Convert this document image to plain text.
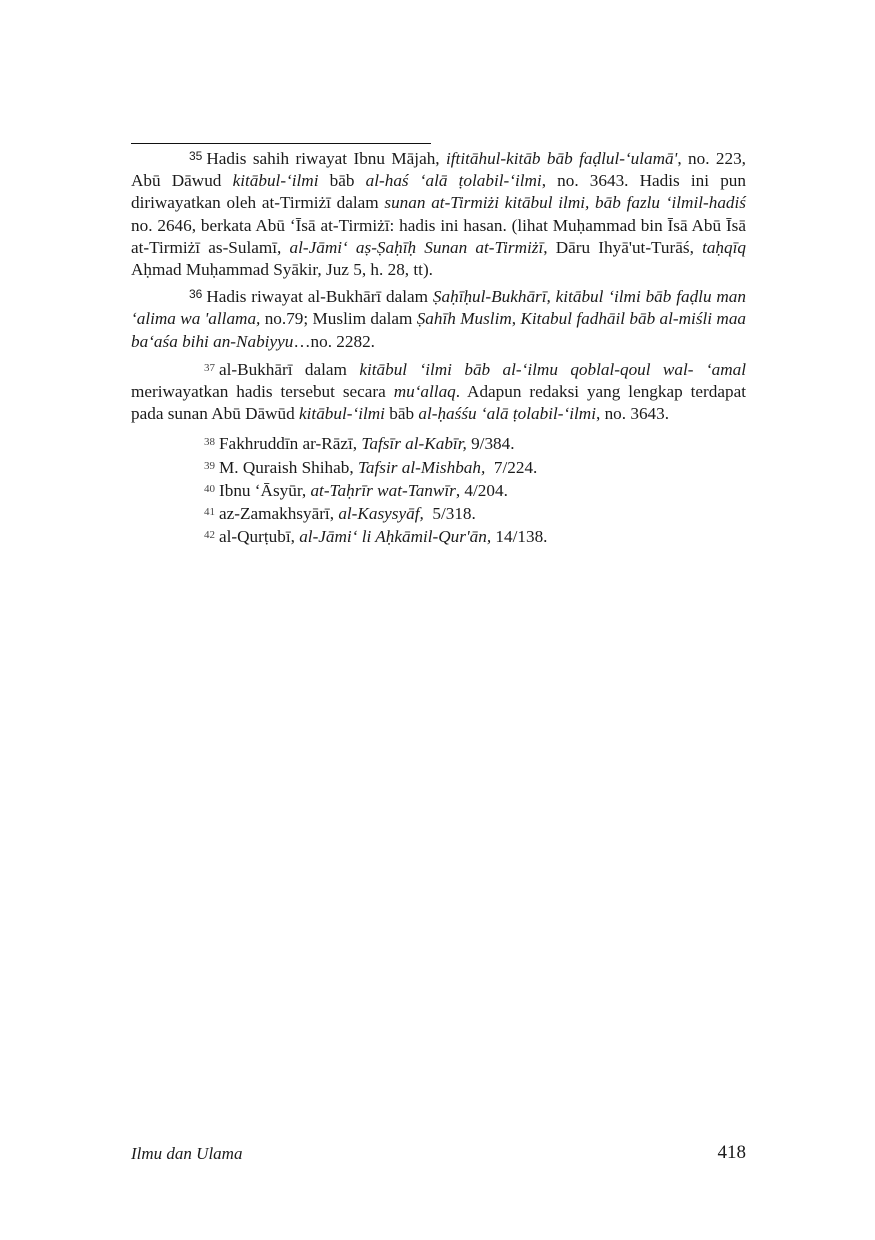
$^{35}$ Hadis sahih riwayat Ibnu Mājah, iftitāhul-kitāb bāb faḍlul-‘ulamā', no. 223, Abū Dāwud kitābul-‘ilmi bāb al-haś ‘alā ṭolabil-‘ilmi, no. 3643. Hadis ini pun diriwayatkan oleh at-Tirmiżī dalam sunan at-Tirmiżi kitābul ilmi, bāb fazlu ‘ilmil-hadiś no. 2646, berkata Abū ‘Īsā at-Tirmiżī: hadis ini hasan. (lihat Muḥammad bin Īsā Abū Īsā at-Tirmiżī as-Sulamī, al-Jāmi‘ aṣ-Ṣaḥīḥ Sunan at-Tirmiżī, Dāru Ihyā'ut-Turāś, taḥqīq Aḥmad Muḥammad Syākir, Juz 5, h. 28, tt).

$^{36}$ Hadis riwayat al-Bukhārī dalam Ṣaḥīḥul-Bukhārī, kitābul ‘ilmi bāb faḍlu man ‘alima wa 'allama, no.79; Muslim dalam Ṣahīh Muslim, Kitabul fadhāil bāb al-miśli maa ba‘aśa bihi an-Nabiyyu…no. 2282.

$^{37}$ al-Bukhārī dalam kitābul ‘ilmi bāb al-‘ilmu qoblal-qoul wal- ‘amal meriwayatkan hadis tersebut secara mu‘allaq. Adapun redaksi yang lengkap terdapat pada sunan Abū Dāwūd kitābul-‘ilmi bāb al-ḥaśśu ‘alā ṭolabil-‘ilmi, no. 3643.

$^{38}$ Fakhruddīn ar-Rāzī, Tafsīr al-Kabīr, 9/384.

$^{39}$ M. Quraish Shihab, Tafsir al-Mishbah,  7/224.

$^{40}$ Ibnu ‘Āsyūr, at-Taḥrīr wat-Tanwīr, 4/204.

$^{41}$ az-Zamakhsyārī, al-Kasysyāf,  5/318.

$^{42}$ al-Qurṭubī, al-Jāmi‘ li Aḥkāmil-Qur'ān, 14/138.

Ilmu dan Ulama	418
